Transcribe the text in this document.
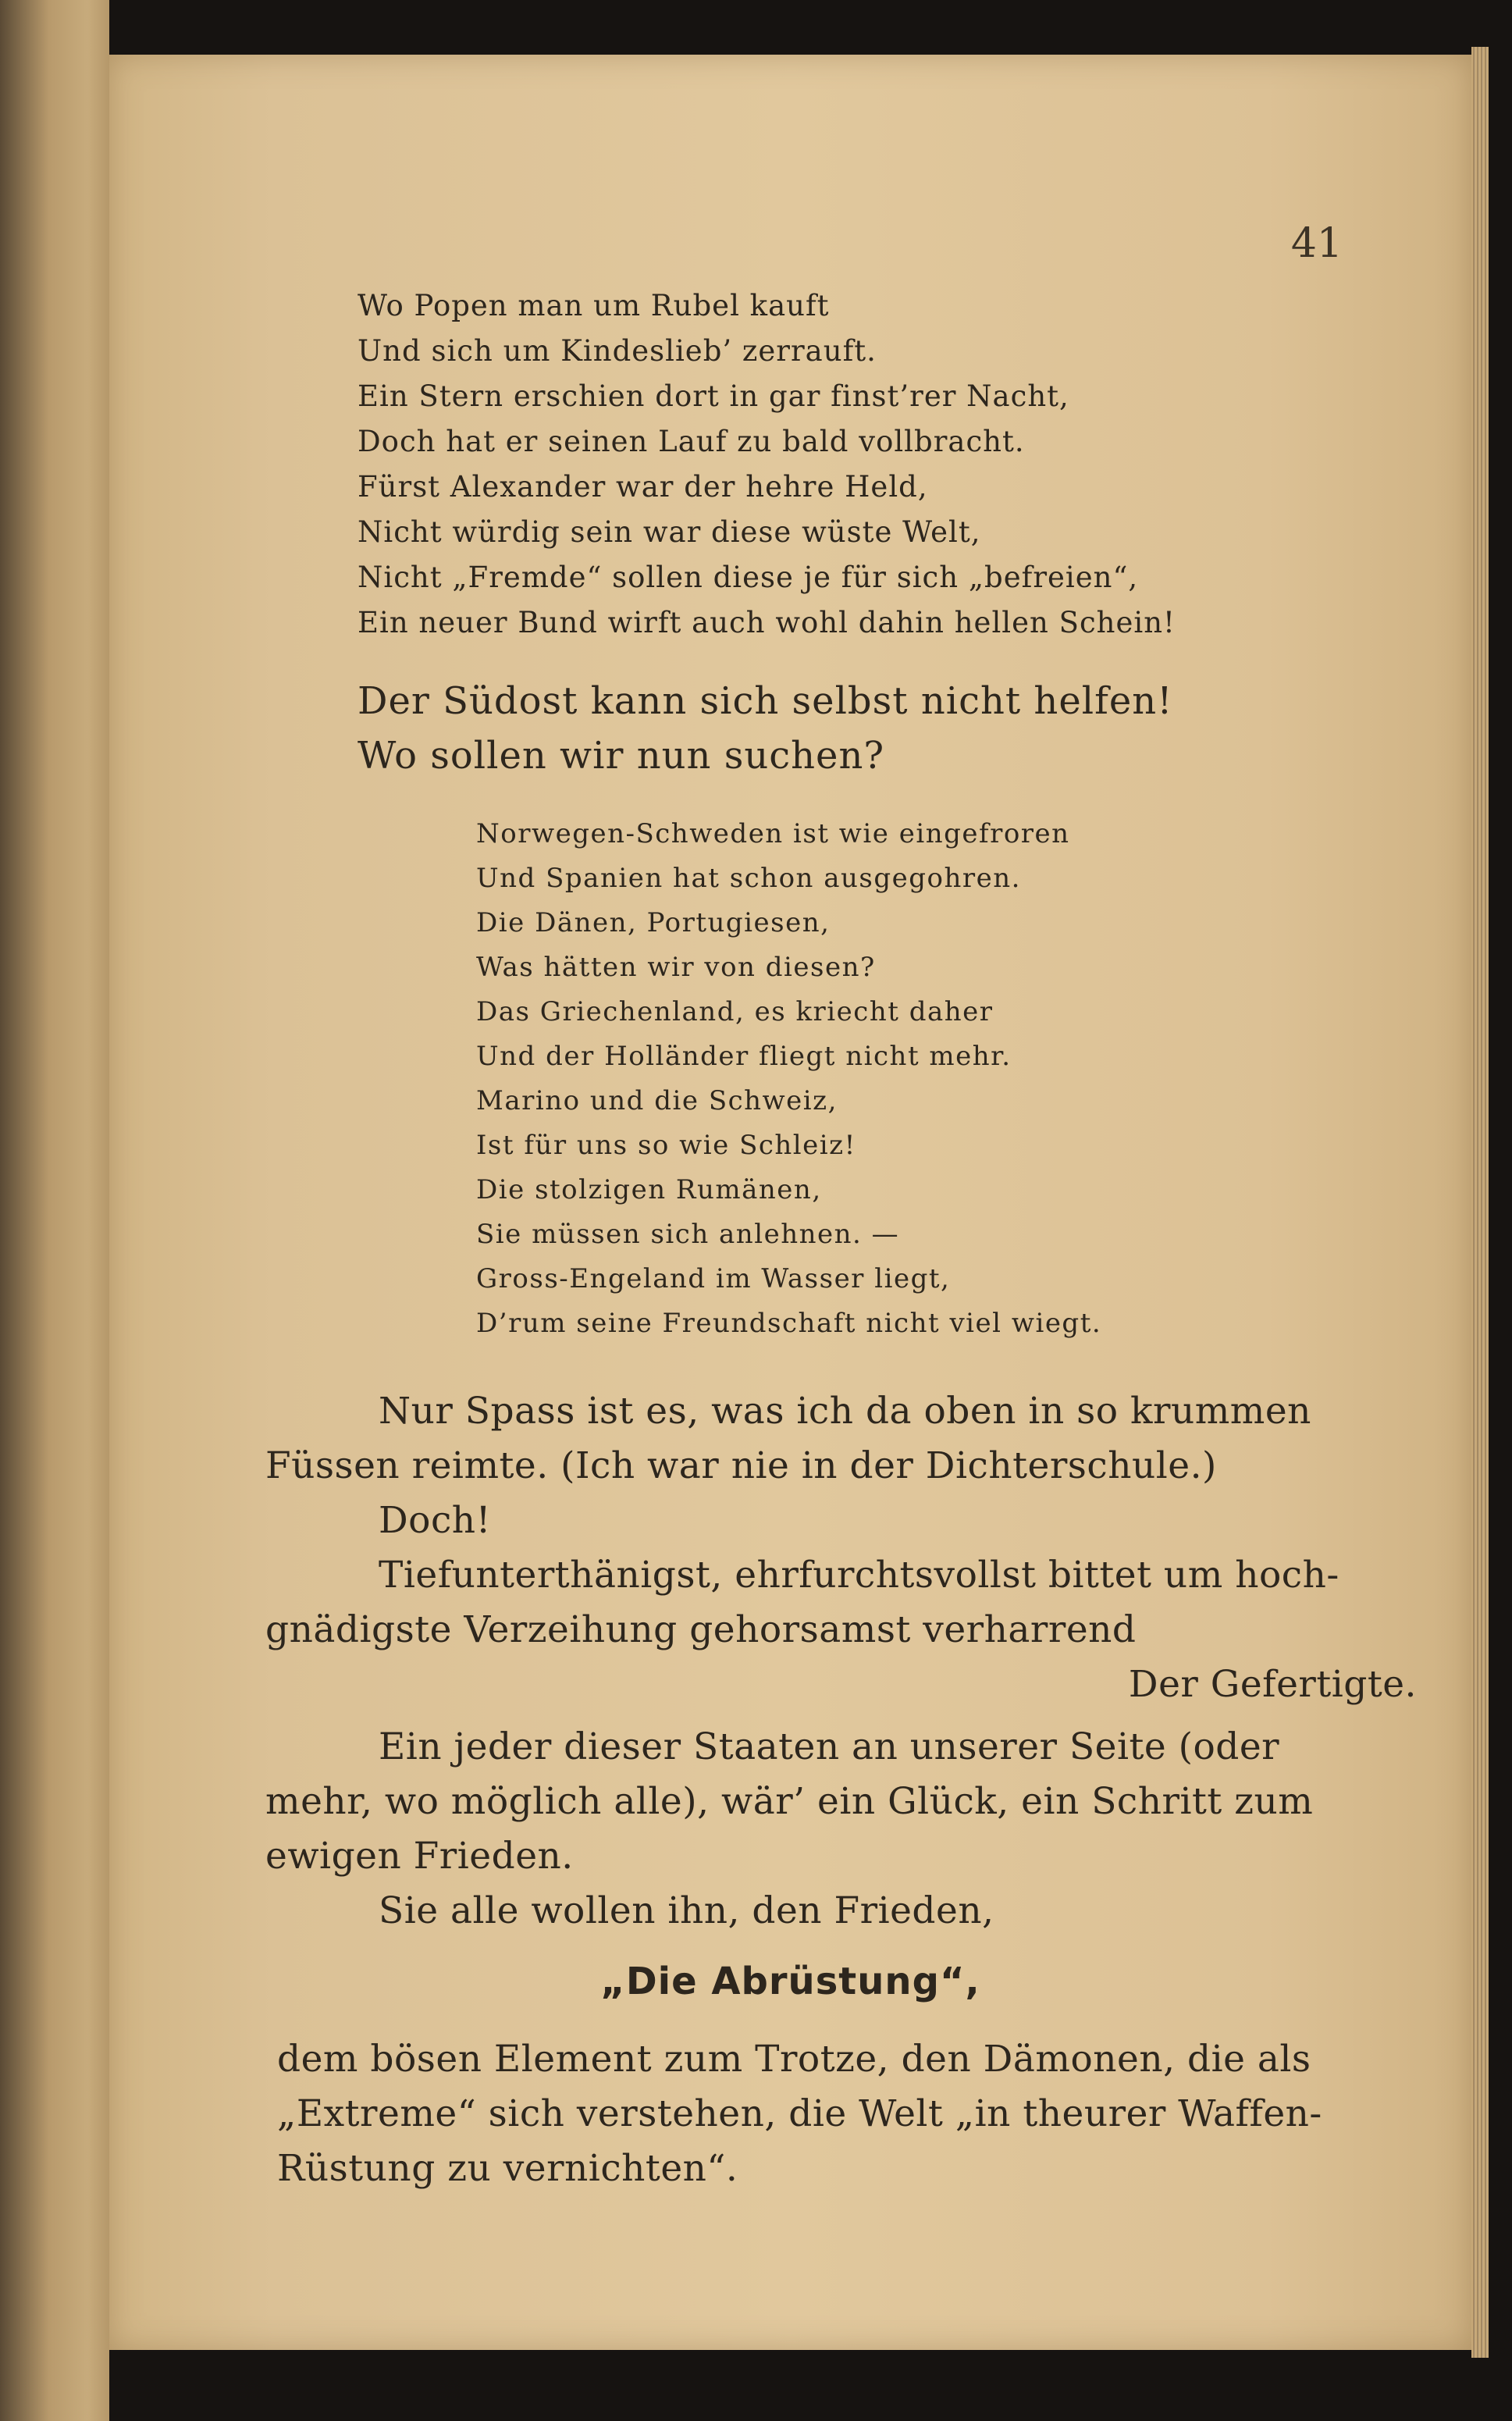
41

Wo Popen man um Rubel kauft

Und sich um Kindeslieb’ zerrauft.

Ein Stern erschien dort in gar finst’rer Nacht,

Doch hat er seinen Lauf zu bald vollbracht.

Fürst Alexander war der hehre Held,

Nicht würdig sein war diese wüste Welt,

Nicht „Fremde“ sollen diese je für sich „befreien“,

Ein neuer Bund wirft auch wohl dahin hellen Schein!

Der Südost kann sich selbst nicht helfen!

Wo sollen wir nun suchen?

Norwegen-Schweden ist wie eingefroren

Und Spanien hat schon ausgegohren.

Die Dänen, Portugiesen,

Was hätten wir von diesen?

Das Griechenland, es kriecht daher

Und der Holländer fliegt nicht mehr.

Marino und die Schweiz,

Ist für uns so wie Schleiz!

Die stolzigen Rumänen,

Sie müssen sich anlehnen. —

Gross-Engeland im Wasser liegt,

D’rum seine Freundschaft nicht viel wiegt.

Nur Spass ist es, was ich da oben in so krummen

Füssen reimte. (Ich war nie in der Dichterschule.)

Doch!

Tiefunterthänigst, ehrfurchtsvollst bittet um hoch-

gnädigste Verzeihung gehorsamst verharrend

Der Gefertigte.

Ein jeder dieser Staaten an unserer Seite (oder

mehr, wo möglich alle), wär’ ein Glück, ein Schritt zum

ewigen Frieden.

Sie alle wollen ihn, den Frieden,

„Die Abrüstung“,

dem bösen Element zum Trotze, den Dämonen, die als

„Extreme“ sich verstehen, die Welt „in theurer Waffen-

Rüstung zu vernichten“.
